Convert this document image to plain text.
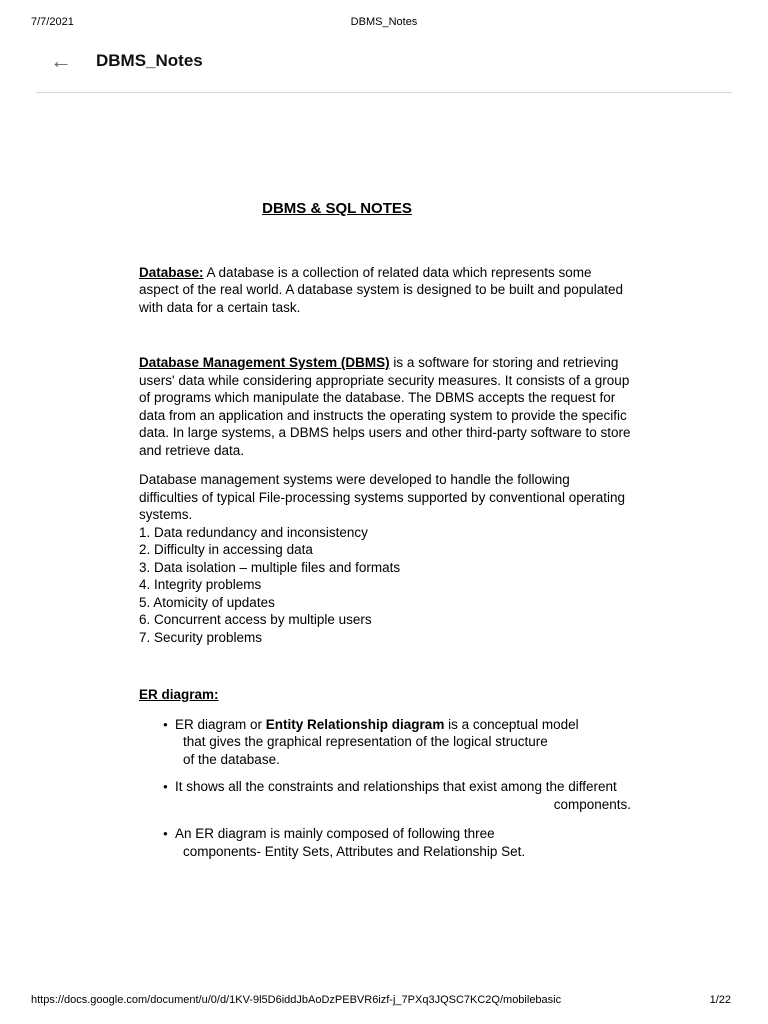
7/7/2021	DBMS_Notes
← DBMS_Notes
DBMS & SQL NOTES

Database: A database is a collection of related data which represents some aspect of the real world. A database system is designed to be built and populated with data for a certain task.

Database Management System (DBMS) is a software for storing and retrieving users' data while considering appropriate security measures. It consists of a group of programs which manipulate the database. The DBMS accepts the request for data from an application and instructs the operating system to provide the specific data. In large systems, a DBMS helps users and other third-party software to store and retrieve data.

Database management systems were developed to handle the following difficulties of typical File-processing systems supported by conventional operating systems.

1. Data redundancy and inconsistency
2. Difficulty in accessing data
3. Data isolation – multiple files and formats
4. Integrity problems
5. Atomicity of updates
6. Concurrent access by multiple users
7. Security problems
ER diagram:
● ER diagram or Entity Relationship diagram is a conceptual model
that gives the graphical representation of the logical structure
of the database.
● It shows all the constraints and relationships that exist among the different
components.
● An ER diagram is mainly composed of following three
components- Entity Sets, Attributes and Relationship Set.
https://docs.google.com/document/u/0/d/1KV-9l5D6iddJbAoDzPEBVR6izf-j_7PXq3JQSC7KC2Q/mobilebasic	1/22
